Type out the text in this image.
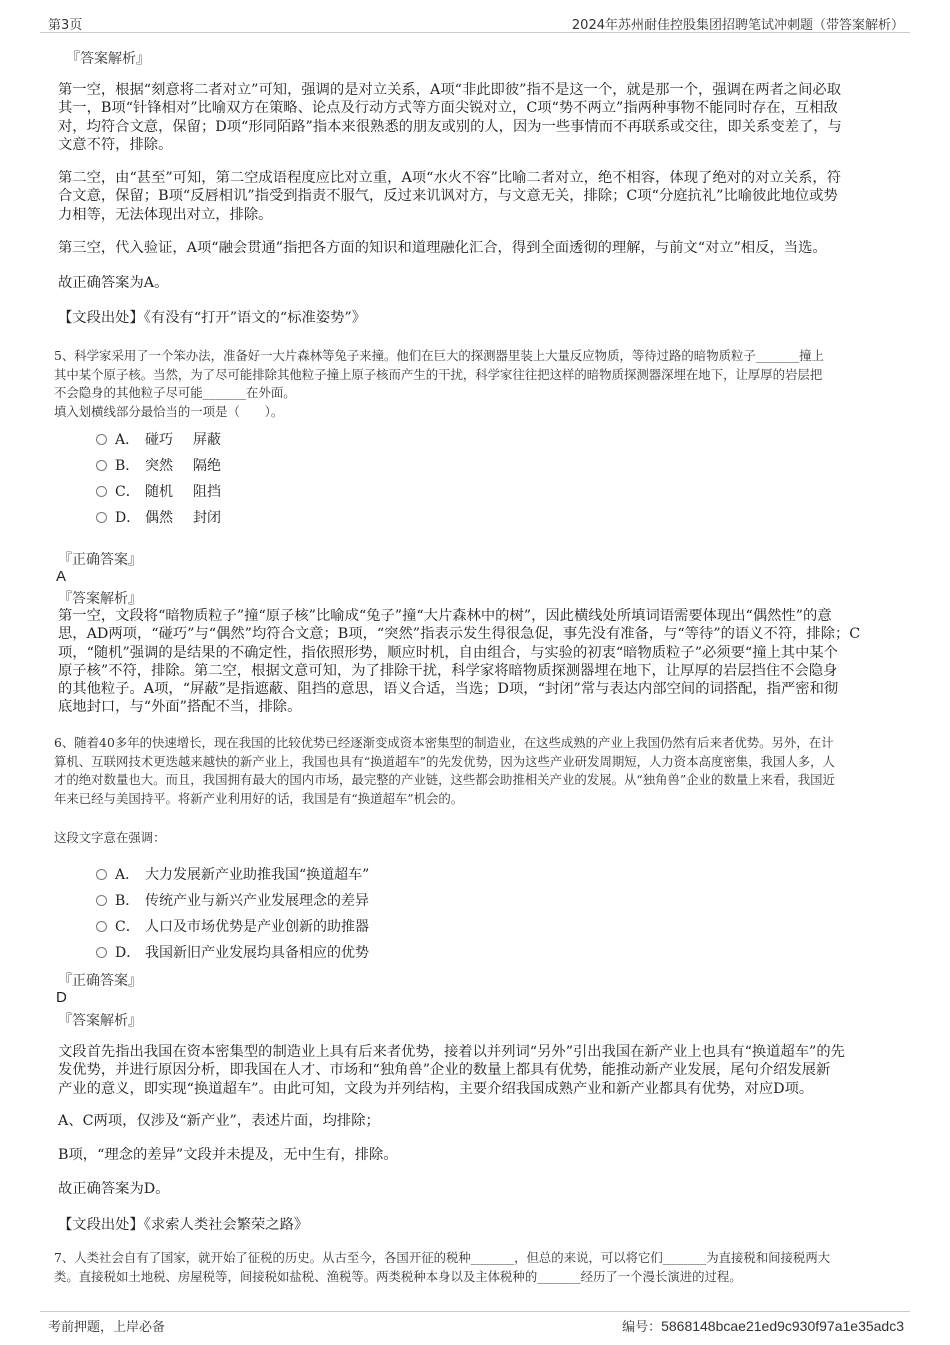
第3页	2024年苏州耐佳控股集团招聘笔试冲刺题（带答案解析）
『答案解析』
第一空，根据“刻意将二者对立”可知，强调的是对立关系，A项“非此即彼”指不是这一个，就是那一个，强调在两者之间必取
其一，B项“针锋相对”比喻双方在策略、论点及行动方式等方面尖锐对立，C项“势不两立”指两种事物不能同时存在，互相敌
对，均符合文意，保留；D项“形同陌路”指本来很熟悉的朋友或别的人，因为一些事情而不再联系或交往，即关系变差了，与
文意不符，排除。
第二空，由“甚至”可知，第二空成语程度应比对立重，A项“水火不容”比喻二者对立，绝不相容，体现了绝对的对立关系，符
合文意，保留；B项“反唇相讥”指受到指责不服气，反过来讥讽对方，与文意无关，排除；C项“分庭抗礼”比喻彼此地位或势
力相等，无法体现出对立，排除。
第三空，代入验证，A项“融会贯通”指把各方面的知识和道理融化汇合，得到全面透彻的理解，与前文“对立”相反，当选。
故正确答案为A。
【文段出处】《有没有“打开”语文的“标准姿势”》
5、科学家采用了一个笨办法，准备好一大片森林等兔子来撞。他们在巨大的探测器里装上大量反应物质，等待过路的暗物质粒子_______撞上
其中某个原子核。当然，为了尽可能排除其他粒子撞上原子核而产生的干扰，科学家往往把这样的暗物质探测器深埋在地下，让厚厚的岩层把
不会隐身的其他粒子尽可能_______在外面。
填入划横线部分最恰当的一项是（　　）。
A． 碰巧 屏蔽
B． 突然 隔绝
C． 随机 阻挡
D． 偶然 封闭
『正确答案』
A
『答案解析』
第一空，文段将“暗物质粒子”撞“原子核”比喻成“兔子”撞“大片森林中的树”，因此横线处所填词语需要体现出“偶然性”的意
思，AD两项，“碰巧”与“偶然”均符合文意；B项，“突然”指表示发生得很急促，事先没有准备，与“等待”的语义不符，排除；C
项，“随机”强调的是结果的不确定性，指依照形势，顺应时机，自由组合，与实验的初衷“暗物质粒子”必须要“撞上其中某个
原子核”不符，排除。第二空，根据文意可知，为了排除干扰，科学家将暗物质探测器埋在地下，让厚厚的岩层挡住不会隐身
的其他粒子。A项，“屏蔽”是指遮蔽、阻挡的意思，语义合适，当选；D项，“封闭”常与表达内部空间的词搭配，指严密和彻
底地封口，与“外面”搭配不当，排除。
6、随着40多年的快速增长，现在我国的比较优势已经逐渐变成资本密集型的制造业，在这些成熟的产业上我国仍然有后来者优势。另外，在计
算机、互联网技术更迭越来越快的新产业上，我国也具有“换道超车”的先发优势，因为这些产业研发周期短，人力资本高度密集，我国人多，人
才的绝对数量也大。而且，我国拥有最大的国内市场，最完整的产业链，这些都会助推相关产业的发展。从“独角兽”企业的数量上来看，我国近
年来已经与美国持平。将新产业利用好的话，我国是有“换道超车”机会的。
这段文字意在强调：
A． 大力发展新产业助推我国“换道超车”
B． 传统产业与新兴产业发展理念的差异
C． 人口及市场优势是产业创新的助推器
D． 我国新旧产业发展均具备相应的优势
『正确答案』
D
『答案解析』
文段首先指出我国在资本密集型的制造业上具有后来者优势，接着以并列词“另外”引出我国在新产业上也具有“换道超车”的先
发优势，并进行原因分析，即我国在人才、市场和“独角兽”企业的数量上都具有优势，能推动新产业发展，尾句介绍发展新
产业的意义，即实现“换道超车”。由此可知，文段为并列结构，主要介绍我国成熟产业和新产业都具有优势，对应D项。
A、C两项，仅涉及“新产业”，表述片面，均排除；
B项，“理念的差异”文段并未提及，无中生有，排除。
故正确答案为D。
【文段出处】《求索人类社会繁荣之路》
7、人类社会自有了国家，就开始了征税的历史。从古至今，各国开征的税种_______，但总的来说，可以将它们_______为直接税和间接税两大
类。直接税如土地税、房屋税等，间接税如盐税、渔税等。两类税种本身以及主体税种的_______经历了一个漫长演进的过程。
考前押题，上岸必备	编号：5868148bcae21ed9c930f97a1e35adc3
